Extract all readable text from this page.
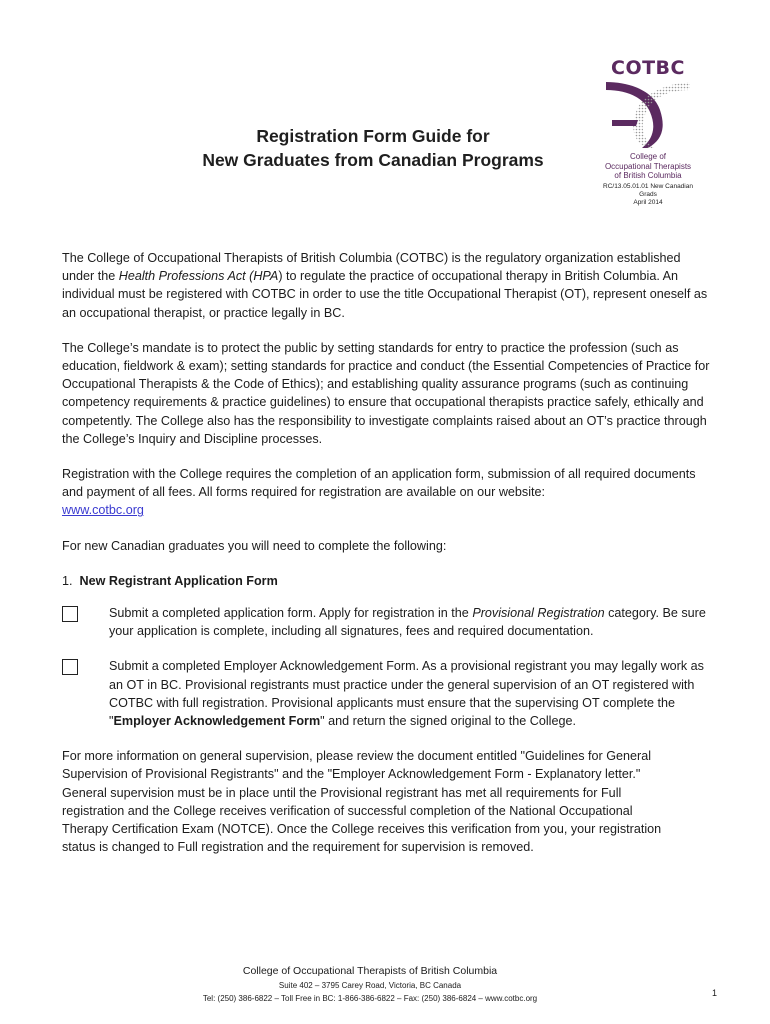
COTBC
College of
Occupational Therapists
of British Columbia
RC/13.05.01.01 New Canadian Grads
April 2014
Registration Form Guide for
New Graduates from Canadian Programs

The College of Occupational Therapists of British Columbia (COTBC) is the regulatory organization established under the Health Professions Act (HPA) to regulate the practice of occupational therapy in British Columbia. An individual must be registered with COTBC in order to use the title Occupational Therapist (OT), represent oneself as an occupational therapist, or practice legally in BC.

The College’s mandate is to protect the public by setting standards for entry to practice the profession (such as education, fieldwork & exam); setting standards for practice and conduct (the Essential Competencies of Practice for Occupational Therapists & the Code of Ethics); and establishing quality assurance programs (such as continuing competency requirements & practice guidelines) to ensure that occupational therapists practice safely, ethically and competently. The College also has the responsibility to investigate complaints raised about an OT’s practice through the College’s Inquiry and Discipline processes.

Registration with the College requires the completion of an application form, submission of all required documents and payment of all fees. All forms required for registration are available on our website:
www.cotbc.org

For new Canadian graduates you will need to complete the following:

1. New Registrant Application Form
Submit a completed application form. Apply for registration in the Provisional Registration category. Be sure your application is complete, including all signatures, fees and required documentation.
Submit a completed Employer Acknowledgement Form. As a provisional registrant you may legally work as an OT in BC. Provisional registrants must practice under the general supervision of an OT registered with COTBC with full registration. Provisional applicants must ensure that the supervising OT complete the "Employer Acknowledgement Form" and return the signed original to the College.

For more information on general supervision, please review the document entitled "Guidelines for General Supervision of Provisional Registrants" and the "Employer Acknowledgement Form - Explanatory letter." General supervision must be in place until the Provisional registrant has met all requirements for Full registration and the College receives verification of successful completion of the National Occupational Therapy Certification Exam (NOTCE). Once the College receives this verification from you, your registration status is changed to Full registration and the requirement for supervision is removed.

College of Occupational Therapists of British Columbia
Suite 402 – 3795 Carey Road, Victoria, BC Canada
Tel: (250) 386-6822 – Toll Free in BC: 1-866-386-6822 – Fax: (250) 386-6824 – www.cotbc.org
1
